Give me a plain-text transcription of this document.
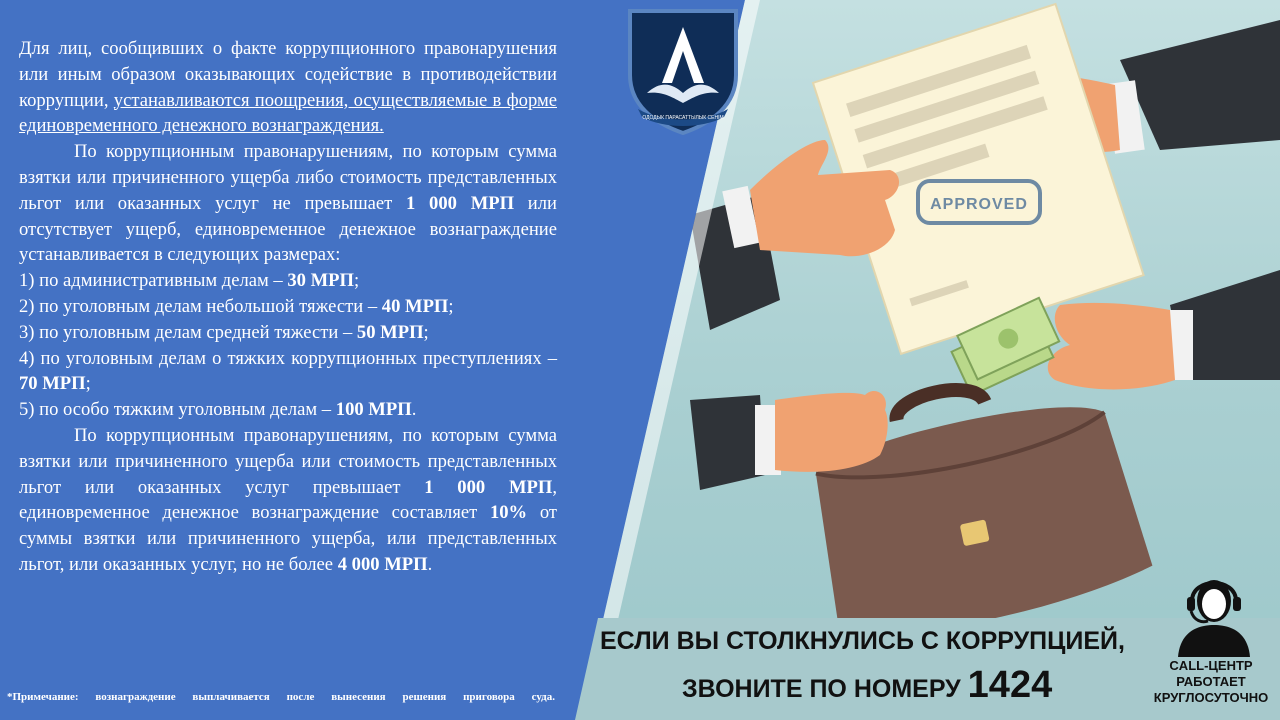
APPROVED
ОДОДЫК ПАРАСАТТЫЛЫК СЕНІМ

Для лиц, сообщивших о факте коррупционного правонарушения или иным образом оказывающих содействие в противодействии коррупции, устанавливаются поощрения, осуществляемые в форме единовременного денежного вознаграждения.

По коррупционным правонарушениям, по которым сумма взятки или причиненного ущерба либо стоимость представленных льгот или оказанных услуг не превышает 1 000 МРП или отсутствует ущерб, единовременное денежное вознаграждение устанавливается в следующих размерах:

1) по административным делам – 30 МРП;

2) по уголовным делам небольшой тяжести – 40 МРП;

3) по уголовным делам средней тяжести – 50 МРП;

4) по уголовным делам о тяжких коррупционных преступлениях – 70 МРП;

5) по особо тяжким уголовным делам – 100 МРП.

По коррупционным правонарушениям, по которым сумма взятки или причиненного ущерба или стоимость представленных льгот или оказанных услуг превышает 1 000 МРП, единовременное денежное вознаграждение составляет 10% от суммы взятки или причиненного ущерба, или представленных льгот, или оказанных услуг, но не более 4 000 МРП.

*Примечание: вознаграждение выплачивается после вынесения решения приговора суда.
ЕСЛИ ВЫ СТОЛКНУЛИСЬ С КОРРУПЦИЕЙ,
ЗВОНИТЕ ПО НОМЕРУ 1424	CALL-ЦЕНТР
РАБОТАЕТ
КРУГЛОСУТОЧНО
